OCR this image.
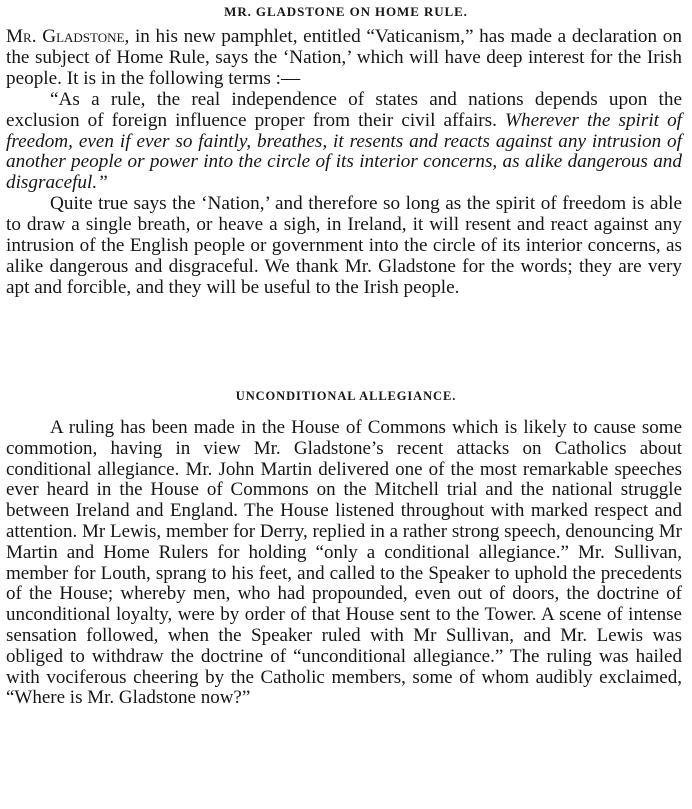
MR. GLADSTONE ON HOME RULE.

Mr. Gladstone, in his new pamphlet, entitled “Vaticanism,” has made a declaration on the subject of Home Rule, says the ‘Nation,’ which will have deep interest for the Irish people. It is in the following terms :—

“As a rule, the real independence of states and nations depends upon the exclusion of foreign influence proper from their civil affairs. Wherever the spirit of freedom, even if ever so faintly, breathes, it resents and reacts against any intrusion of another people or power into the circle of its interior concerns, as alike dangerous and disgraceful.”

Quite true says the ‘Nation,’ and therefore so long as the spirit of freedom is able to draw a single breath, or heave a sigh, in Ireland, it will resent and react against any intrusion of the English people or government into the circle of its interior concerns, as alike dangerous and disgraceful. We thank Mr. Gladstone for the words; they are very apt and forcible, and they will be useful to the Irish people.

UNCONDITIONAL ALLEGIANCE.

A ruling has been made in the House of Commons which is likely to cause some commotion, having in view Mr. Gladstone’s recent attacks on Catholics about conditional allegiance. Mr. John Martin delivered one of the most remarkable speeches ever heard in the House of Commons on the Mitchell trial and the national struggle between Ireland and England. The House listened throughout with marked respect and attention. Mr Lewis, member for Derry, replied in a rather strong speech, denouncing Mr Martin and Home Rulers for holding “only a conditional allegiance.” Mr. Sullivan, member for Louth, sprang to his feet, and called to the Speaker to uphold the precedents of the House; whereby men, who had propounded, even out of doors, the doctrine of unconditional loyalty, were by order of that House sent to the Tower. A scene of intense sensation followed, when the Speaker ruled with Mr Sullivan, and Mr. Lewis was obliged to withdraw the doctrine of “unconditional allegiance.” The ruling was hailed with vociferous cheering by the Catholic members, some of whom audibly exclaimed, “Where is Mr. Gladstone now?”
